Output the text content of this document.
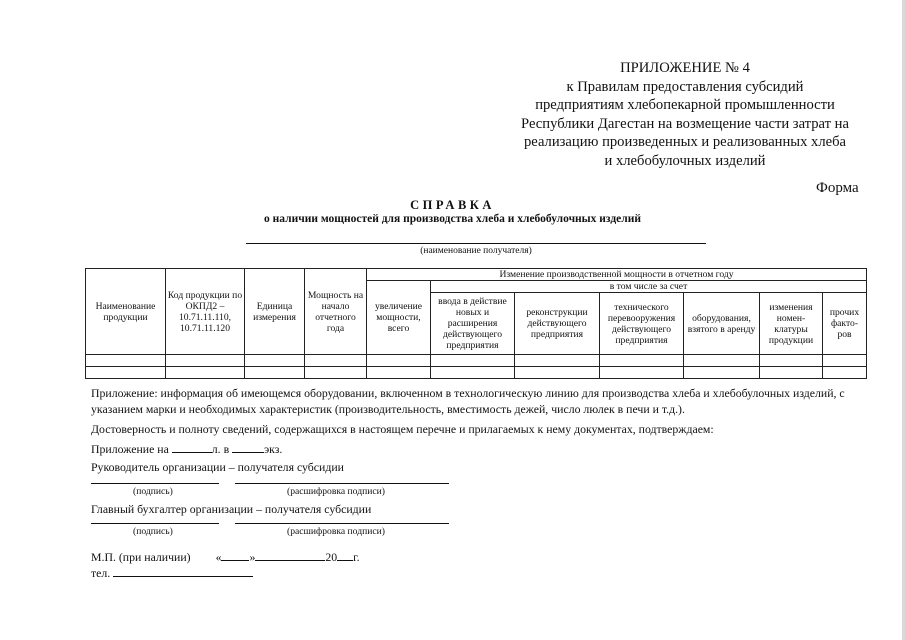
ПРИЛОЖЕНИЕ № 4
к Правилам предоставления субсидий
предприятиям хлебопекарной промышленности
Республики Дагестан на возмещение части затрат на
реализацию произведенных и реализованных хлеба
и хлебобулочных изделий
Форма
СПРАВКА
о наличии мощностей для производства хлеба и хлебобулочных изделий
(наименование получателя)
Наименование продукции	Код продукции по ОКПД2 – 10.71.11.110, 10.71.11.120	Единица измерения	Мощность на начало отчетного года	Изменение производственной мощности в отчетном году						
				увеличение мощности, всего	в том числе за счет					
					ввода в действие новых и расширения действующего предприятия	реконструкции действующего предприятия	технического перевооружения действующего предприятия	оборудования, взятого в аренду	изменения номен-клатуры продукции	прочих факто-ров

Приложение: информация об имеющемся оборудовании, включенном в технологическую линию для производства хлеба и хлебобулочных изделий, с
указанием марки и необходимых характеристик (производительность, вместимость дежей, число люлек в печи и т.д.).
Достоверность и полноту сведений, содержащихся в настоящем перечне и прилагаемых к нему документах, подтверждаем:
Приложение на	л. в	экз.
Руководитель организации – получателя субсидии
(подпись)	(расшифровка подписи)
Главный бухгалтер организации – получателя субсидии
(подпись)	(расшифровка подписи)
М.П. (при наличии) « »	20 г.
тел.
